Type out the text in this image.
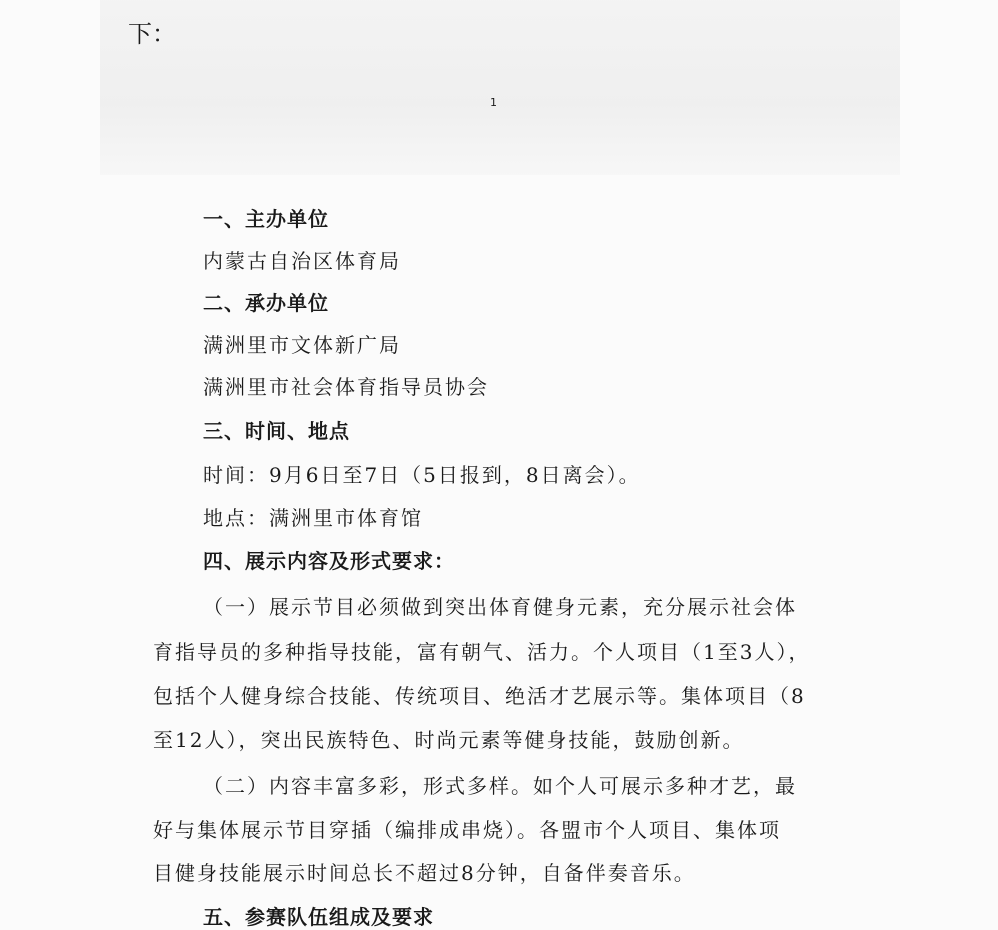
下：
1
一、主办单位
内蒙古自治区体育局
二、承办单位
满洲里市文体新广局
满洲里市社会体育指导员协会
三、时间、地点
时间：9月6日至7日（5日报到，8日离会）。
地点：满洲里市体育馆
四、展示内容及形式要求：
（一）展示节目必须做到突出体育健身元素，充分展示社会体
育指导员的多种指导技能，富有朝气、活力。个人项目（1至3人），
包括个人健身综合技能、传统项目、绝活才艺展示等。集体项目（8
至12人），突出民族特色、时尚元素等健身技能，鼓励创新。
（二）内容丰富多彩，形式多样。如个人可展示多种才艺，最
好与集体展示节目穿插（编排成串烧）。各盟市个人项目、集体项
目健身技能展示时间总长不超过8分钟，自备伴奏音乐。
五、参赛队伍组成及要求
